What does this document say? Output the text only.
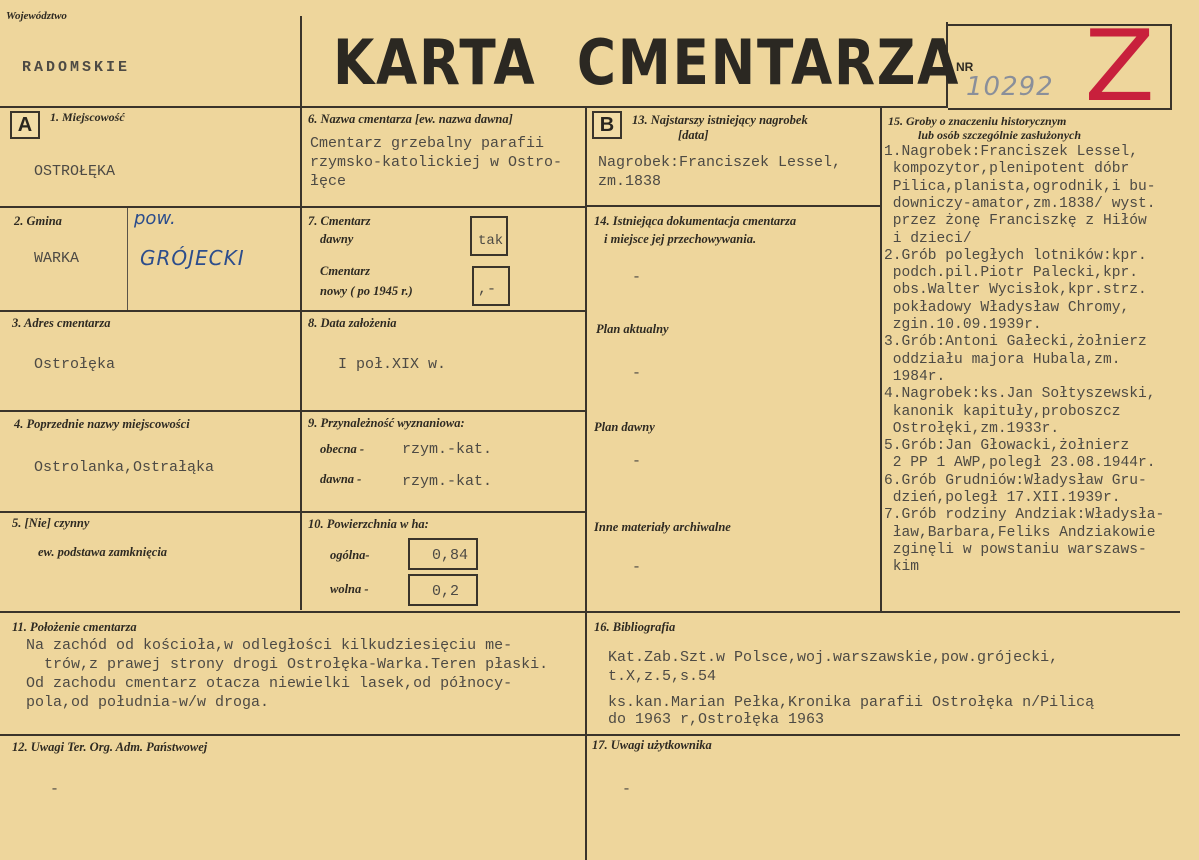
Województwo
RADOMSKIE	KARTA  CMENTARZA
NR
10292 Z
A	B
1. Miejscowość
OSTROŁĘKA
2. Gmina
WARKA
pow.
GRÓJECKI
3. Adres cmentarza
Ostrołęka
4. Poprzednie nazwy miejscowości
Ostrolanka,Ostrałąka
5. [Nie] czynny
ew. podstawa zamknięcia
6. Nazwa cmentarza [ew. nazwa dawna]
Cmentarz grzebalny parafii
rzymsko-katolickiej w Ostro-
łęce
7. Cmentarz
dawny	tak
Cmentarz
nowy ( po 1945 r.)	,-
8. Data założenia
I poł.XIX w.
9. Przynależność wyznaniowa:
obecna -	rzym.-kat.
dawna -	rzym.-kat.
10. Powierzchnia w ha:
ogólna-	0,84
wolna -	0,2
11. Położenie cmentarza
Na zachód od kościoła,w odległości kilkudziesięciu me-
trów,z prawej strony drogi Ostrołęka-Warka.Teren płaski.
Od zachodu cmentarz otacza niewielki lasek,od północy-
pola,od południa-w/w droga.
12. Uwagi Ter. Org. Adm. Państwowej
-
13. Najstarszy istniejący nagrobek
[data]
Nagrobek:Franciszek Lessel,
zm.1838
14. Istniejąca dokumentacja cmentarza
i miejsce jej przechowywania.
-
Plan aktualny
-
Plan dawny
-
Inne materiały archiwalne
-
15. Groby o znaczeniu historycznym
lub osób szczególnie zasłużonych
1.Nagrobek:Franciszek Lessel,
kompozytor,plenipotent dóbr
Pilica,planista,ogrodnik,i bu-
downiczy-amator,zm.1838/ wyst.
przez żonę Franciszkę z Hiłów
i dzieci/
2.Grób poległych lotników:kpr.
podch.pil.Piotr Palecki,kpr.
obs.Walter Wycisłok,kpr.strz.
pokładowy Władysław Chromy,
zgin.10.09.1939r.
3.Grób:Antoni Gałecki,żołnierz
oddziału majora Hubala,zm.
1984r.
4.Nagrobek:ks.Jan Sołtyszewski,
kanonik kapituły,proboszcz
Ostrołęki,zm.1933r.
5.Grób:Jan Głowacki,żołnierz
2 PP 1 AWP,poległ 23.08.1944r.
6.Grób Grudniów:Władysław Gru-
dzień,poległ 17.XII.1939r.
7.Grób rodziny Andziak:Władysła-
ław,Barbara,Feliks Andziakowie
zginęli w powstaniu warszaws-
kim
16. Bibliografia
Kat.Zab.Szt.w Polsce,woj.warszawskie,pow.grójecki,
t.X,z.5,s.54
ks.kan.Marian Pełka,Kronika parafii Ostrołęka n/Pilicą
do 1963 r,Ostrołęka 1963
17. Uwagi użytkownika
-
